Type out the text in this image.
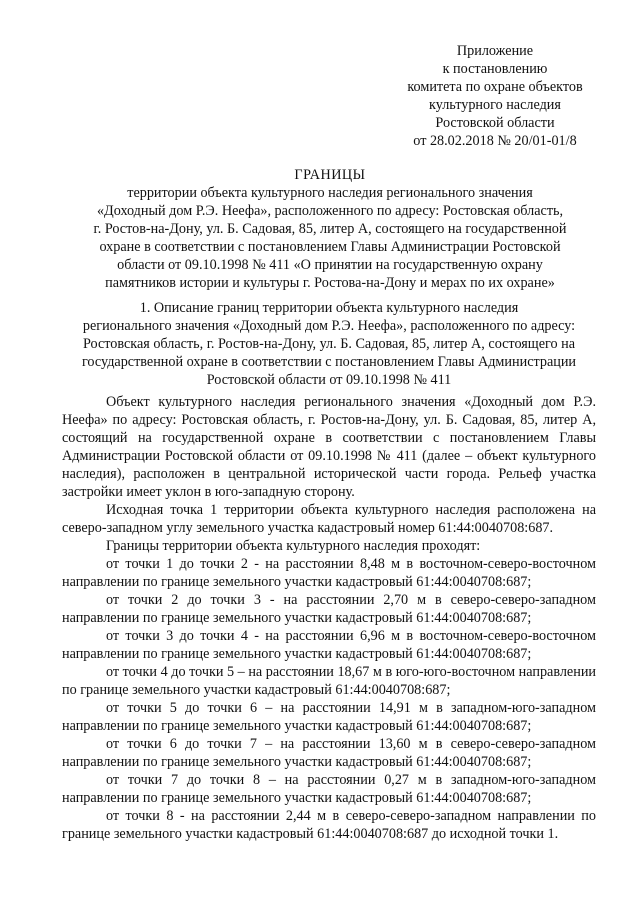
Приложение
к постановлению
комитета по охране объектов
культурного наследия
Ростовской области
от 28.02.2018 № 20/01-01/8
ГРАНИЦЫ
территории объекта культурного наследия регионального значения
«Доходный дом Р.Э. Неефа», расположенного по адресу: Ростовская область,
г. Ростов-на-Дону, ул. Б. Садовая, 85, литер А, состоящего на государственной
охране в соответствии с постановлением Главы Администрации Ростовской
области от 09.10.1998 № 411 «О принятии на государственную охрану
памятников истории и культуры г. Ростова-на-Дону и мерах по их охране»
1. Описание границ территории объекта культурного наследия
регионального значения «Доходный дом Р.Э. Неефа», расположенного по адресу:
Ростовская область, г. Ростов-на-Дону, ул. Б. Садовая, 85, литер А, состоящего на
государственной охране в соответствии с постановлением Главы Администрации
Ростовской области от 09.10.1998 № 411

Объект культурного наследия регионального значения «Доходный дом Р.Э. Неефа» по адресу: Ростовская область, г. Ростов-на-Дону, ул. Б. Садовая, 85, литер А, состоящий на государственной охране в соответствии с постановлением Главы Администрации Ростовской области от 09.10.1998 № 411 (далее – объект культурного наследия), расположен в центральной исторической части города. Рельеф участка застройки имеет уклон в юго-западную сторону.

Исходная точка 1 территории объекта культурного наследия расположена на северо-западном углу земельного участка кадастровый номер 61:44:0040708:687.

Границы территории объекта культурного наследия проходят:

от точки 1 до точки 2 - на расстоянии 8,48 м в восточном-северо-восточном направлении по границе земельного участки кадастровый 61:44:0040708:687;

от точки 2 до точки 3 - на расстоянии 2,70 м в северо-северо-западном направлении по границе земельного участки кадастровый 61:44:0040708:687;

от точки 3 до точки 4 - на расстоянии 6,96 м в восточном-северо-восточном направлении по границе земельного участки кадастровый 61:44:0040708:687;

от точки 4 до точки 5 – на расстоянии 18,67 м в юго-юго-восточном направлении по границе земельного участки кадастровый 61:44:0040708:687;

от точки 5 до точки 6 – на расстоянии 14,91 м в западном-юго-западном направлении по границе земельного участки кадастровый 61:44:0040708:687;

от точки 6 до точки 7 – на расстоянии 13,60 м в северо-северо-западном направлении по границе земельного участки кадастровый 61:44:0040708:687;

от точки 7 до точки 8 – на расстоянии 0,27 м в западном-юго-западном направлении по границе земельного участки кадастровый 61:44:0040708:687;

от точки 8 - на расстоянии 2,44 м в северо-северо-западном направлении по границе земельного участки кадастровый 61:44:0040708:687 до исходной точки 1.
